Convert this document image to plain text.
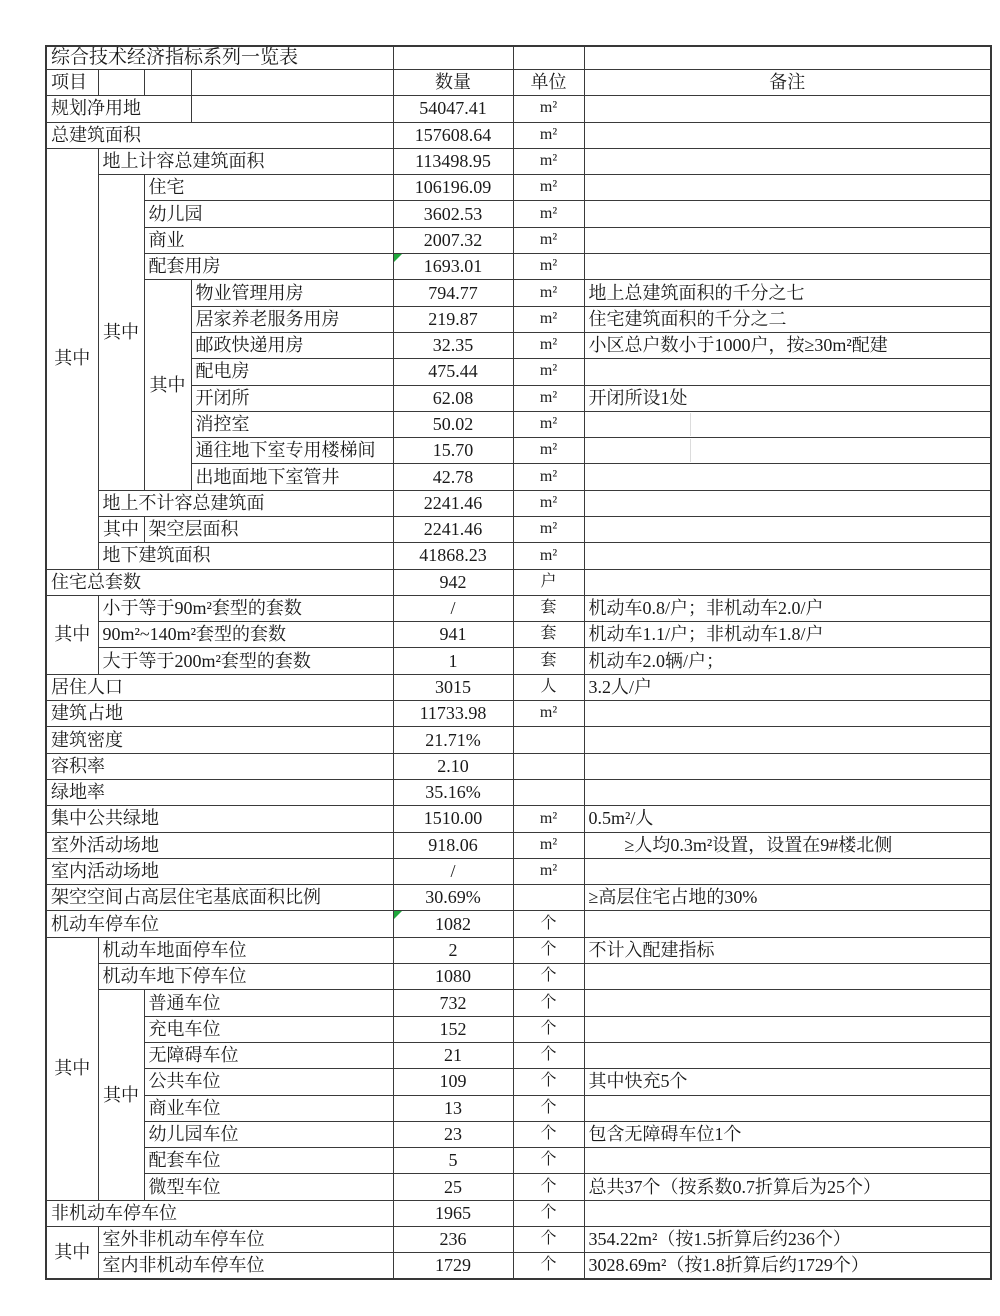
综合技术经济指标系列一览表						
项目				数量	单位	备注
规划净用地				54047.41	m²	
总建筑面积				157608.64	m²	
其中	地上计容总建筑面积			113498.95	m²	
	其中	住宅		106196.09	m²	
		幼儿园		3602.53	m²	
		商业		2007.32	m²	
		配套用房		1693.01	m²	
		其中	物业管理用房	794.77	m²	地上总建筑面积的千分之七
			居家养老服务用房	219.87	m²	住宅建筑面积的千分之二
			邮政快递用房	32.35	m²	小区总户数小于1000户，按≥30m²配建
			配电房	475.44	m²	
			开闭所	62.08	m²	开闭所设1处
			消控室	50.02	m²	
			通往地下室专用楼梯间	15.70	m²	
			出地面地下室管井	42.78	m²	
	地上不计容总建筑面			2241.46	m²	
	其中	架空层面积		2241.46	m²	
	地下建筑面积			41868.23	m²	
住宅总套数				942	户	
其中	小于等于90m²套型的套数			/	套	机动车0.8/户；非机动车2.0/户
	90m²~140m²套型的套数			941	套	机动车1.1/户；非机动车1.8/户
	大于等于200m²套型的套数			1	套	机动车2.0辆/户；
居住人口				3015	人	3.2人/户
建筑占地				11733.98	m²	
建筑密度				21.71%		
容积率				2.10		
绿地率				35.16%		
集中公共绿地				1510.00	m²	0.5m²/人
室外活动场地				918.06	m²	　　≥人均0.3m²设置，设置在9#楼北侧
室内活动场地				/	m²	
架空空间占高层住宅基底面积比例				30.69%		≥高层住宅占地的30%
机动车停车位				1082	个	
其中	机动车地面停车位			2	个	不计入配建指标
	机动车地下停车位			1080	个	
	其中	普通车位		732	个	
		充电车位		152	个	
		无障碍车位		21	个	
		公共车位		109	个	其中快充5个
		商业车位		13	个	
		幼儿园车位		23	个	包含无障碍车位1个
		配套车位		5	个	
		微型车位		25	个	总共37个（按系数0.7折算后为25个）
非机动车停车位				1965	个	
其中	室外非机动车停车位			236	个	354.22m²（按1.5折算后约236个）
	室内非机动车停车位			1729	个	3028.69m²（按1.8折算后约1729个）
